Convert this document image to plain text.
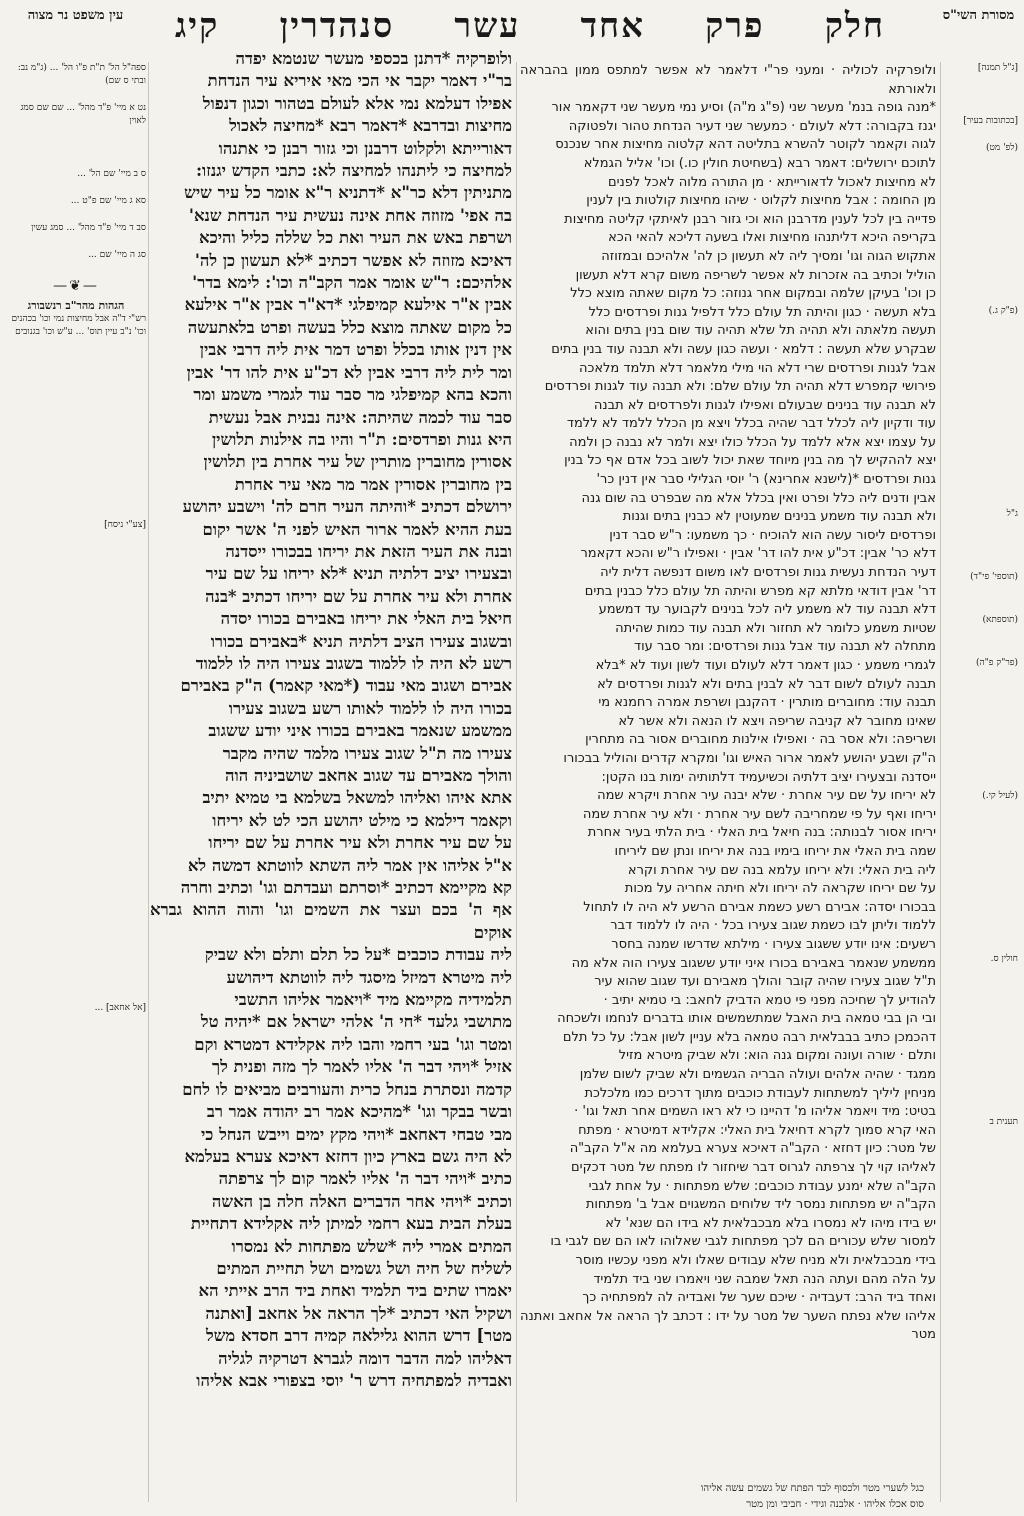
מסורת השי"ס
חלק
פרק
אחד
עשר
סנהדרין
קיג
עין משפט נר מצוה
[ג"ל תמנה]
[בכתובות בעיר]
(לפ' מט)
(פ"ק ג.)
ג"ל
(תוספי' פי"ד)
(תוספתא)
(פר"ק פ"ה)
(לעיל קי.)
חולין ס.
תענית ב
ולופרקיה לכוליה · ומעני פר"י דלאמר לא אפשר למתפס ממון בהבראה ולאורתא
*מנה גופה בנמ' מעשר שני (פ"ג מ"ה) וסיע נמי מעשר שני דקאמר אור
יגנז בקבורה: דלא לעולם · כמעשר שני דעיר הנדחת טהור ולפטוקה
לגוה וקאמר לקוטר להשרא בתליטה דהא קלטוה מחיצות אחר שנכנס
לתוכם ירושלים: דאמר רבא (בשחיטת חולין כו.) וכו' אליל הגמלא
לא מחיצות לאכול לדאורייתא · מן התורה מלוה לאכל לפנים
מן החומה : אבל מחיצות לקלוט · שיהו מחיצות קולטות בין לענין
פדייה בין לכל לענין מדרבנן הוא וכי גזור רבנן לאיתקי קליטה מחיצות
בקריפה היכא דליתנהו מחיצות ואלו בשעה דליכא להאי הכא
אתקוש הגוה וגו' ומסיך ליה לא תעשון כן לה' אלהיכם ובמזוזה
הוליל וכתיב בה אזכרות לא אפשר לשריפה משום קרא דלא תעשון
כן וכו' בעיקן שלמה ובמקום אחר גנוזה: כל מקום שאתה מוצא כלל
בלא תעשה · כגון והיתה תל עולם כלל דלפיל גנות ופרדסים כלל
תעשה מלאתה ולא תהיה תל שלא תהיה עוד שום בנין בתים והוא
שבקרע שלא תעשה : דלמא · ועשה כגון עשה ולא תבנה עוד בנין בתים
אבל לגנות ופרדסים שרי דלא הוי מילי מלאמר דלא תלמד מלאכה
פירושי קמפרש דלא תהיה תל עולם שלם: ולא תבנה עוד לגנות ופרדסים
לא תבנה עוד בנינים שבעולם ואפילו לגנות ולפרדסים לא תבנה
עוד ודקיון ליה לכלל דבר שהיה בכלל ויצא מן הכלל ללמד לא ללמד
על עצמו יצא אלא ללמד על הכלל כולו יצא ולמר לא נבנה כן ולמה
יצא לההקיש לך מה בנין מיוחד שאת יכול לשוב בכל אדם אף כל בנין
גנות ופרדסים *(לישנא אחרינא) ר' יוסי הגלילי סבר אין דנין כר'
אבין ודנים ליה כלל ופרט ואין בכלל אלא מה שבפרט בה שום גנה
ולא תבנה עוד משמע בנינים שמעוטין לא כבנין בתים וגנות
ופרדסים ליסור עשה הוא להוכיח · כך משמעו: ר"ש סבר דנין
דלא כר' אבין: דכ"ע אית להו דר' אבין · ואפילו ר"ש והכא דקאמר
דעיר הנדחת נעשית גנות ופרדסים לאו משום דנפשה דלית ליה
דר' אבין דודאי מלתא קא מפרש והיתה תל עולם כלל כבנין בתים
דלא תבנה עוד לא משמע ליה לכל בנינים לקבוער עד דמשמע
שטיות משמע כלומר לא תחזור ולא תבנה עוד כמות שהיתה
מתחלה לא תבנה עוד אבל גנות ופרדסים: ומר סבר עוד
לגמרי משמע · כגון דאמר דלא לעולם ועוד לשון ועוד לא *בלא
תבנה לעולם לשום דבר לא לבנין בתים ולא לגנות ופרדסים לא
תבנה עוד: מחוברים מותרין · דהקנבן ושרפת אמרה רחמנא מי
שאינו מחובר לא קניבה שריפה ויצא לו הנאה ולא אשר לא
ושריפה: ולא אסר בה · ואפילו אילנות מחוברים אסור בה מתחרין
ה"ק ושבע יהושע לאמר ארור האיש וגו' ומקרא קדרים והוליל בבכורו
ייסדנה ובצעירו יציב דלתיה וכשיעמיד דלתותיה ימות בנו הקטן:
לא יריחו על שם עיר אחרת · שלא יבנה עיר אחרת ויקרא שמה
יריחו ואף על פי שמחריבה לשם עיר אחרת · ולא עיר אחרת שמה
יריחו אסור לבנותה: בנה חיאל בית האלי · בית הלתי בעיר אחרת
שמה בית האלי את יריחו בימיו בנה את יריחו ונתן שם ליריחו
ליה בית האלי: ולא יריחו עלמא בנה שם עיר אחרת וקרא
על שם יריחו שקראה לה יריחו ולא חיתה אחריה על מכות
בבכורו יסדה: אבירם רשע כשמת אבירם הרשע לא היה לו לתחול
ללמוד וליתן לבו כשמת שגוב צעירו בכל · היה לו ללמוד דבר
רשעים: אינו יודע ששגוב צעירו · מילתא שדרשו שמנה בחסר
ממשמע שנאמר באבירם בכורו איני יודע ששגוב צעירו הוה אלא מה
ת"ל שגוב צעירו שהיה קובר והולך מאבירם ועד שגוב שהוא עיר
להודיע לך שחיכה מפני פי טמא הדביק לחאב: בי טמיא יתיב ·
ובי הן בבי טמאה בית האבל שמתשמשים אותו בדברים לנחמו ולשכחה
דהכמכן כתיב בבבלאית רבה טמאה בלא עניין לשון אבל: על כל תלם
ותלם · שורה ועונה ומקום גנה הוא: ולא שביק מיטרא מזיל
ממגד · שהיה אלהים ועולה הבריה הגשמים ולא שביק לשום שלמן
מניחין ליליך למשתחות לעבודת כוכבים מתוך דרכים כמו מלכלכת
בטיט: מיד ויאמר אליהו מ' דהיינו כי לא ראו השמים אחר תאל וגו' ·
האי קרא סמוך לקרא דחיאל בית האלי: אקלידא דמיטרא · מפתח
של מטר: כיון דחזא · הקב"ה דאיכא צערא בעלמא מה א"ל הקב"ה
לאליהו קוי לך צרפתה לגרוס דבר שיחזור לו מפתח של מטר דכקים
הקב"ה שלא ימנע עבודת כוכבים: שלש מפתחות · על אחת לגבי
הקב"ה יש מפתחות נמסר ליד שלוחים המשגוים אבל ב' מפתחות
יש בידו מיהו לא נמסרו בלא מבכבלאית לא בידו הם שנא' לא
למסור שלש עכורים הם לכך מפתחות לגבי שאלוהו לאו הם שם לגבי בו
בידי מבכבלאית ולא מניח שלא עבודים שאלו ולא מפני עכשיו מוסר
על הלה מהם ועתה הנה תאל שמבה שני ויאמרו שני ביד תלמיד
ואחד ביד הרב: דעבדיה · שיכם שער של ואבדיה לה למפתחיה כך
אליהו שלא נפתח השער של מטר על ידו : דכתב לך הראה אל אחאב ואתנה מטר
ולופרקיה *דתנן בכספי מעשר שנטמא יפדה
בר"י דאמר יקבר אי הכי מאי איריא עיר הנדחת
אפילו דעלמא נמי אלא לעולם בטהור וכגון דנפול
מחיצות ובדרבא *דאמר רבא *מחיצה לאכול
דאורייתא ולקלוט דרבנן וכי גזור רבנן כי אתנהו
למחיצה כי ליתנהו למחיצה לא: כתבי הקדש יגנזו:
מתניתין דלא כר"א *דתניא ר"א אומר כל עיר שיש
בה אפי' מזוזה אחת אינה נעשית עיר הנדחת שנא'
ושרפת באש את העיר ואת כל שללה כליל והיכא
דאיכא מזוזה לא אפשר דכתיב *לא תעשון כן לה'
אלהיכם: ר"ש אומר אמר הקב"ה וכו': לימא בדר'
אבין א"ר אילעא קמיפלגי *דא"ר אבין א"ר אילעא
כל מקום שאתה מוצא כלל בעשה ופרט בלאתעשה
אין דנין אותו בכלל ופרט דמר אית ליה דרבי אבין
ומר לית ליה דרבי אבין לא דכ"ע אית להו דר' אבין
והכא בהא קמיפלגי מר סבר עוד לגמרי משמע ומר
סבר עוד לכמה שהיתה: אינה נבנית אבל נעשית
היא גנות ופרדסים: ת"ר והיו בה אילנות תלושין
אסורין מחוברין מותרין של עיר אחרת בין תלושין
בין מחוברין אסורין אמר מר מאי עיר אחרת
ירושלם דכתיב *והיתה העיר חרם לה' וישבע יהושע
בעת ההיא לאמר ארור האיש לפני ה' אשר יקום
ובנה את העיר הזאת את יריחו בבכורו ייסדנה
ובצעירו יציב דלתיה תניא *לא יריחו על שם עיר
אחרת ולא עיר אחרת על שם יריחו דכתיב *בנה
חיאל בית האלי את יריחו באבירם בכורו יסדה
ובשגוב צעירו הציב דלתיה תניא *באבירם בכורו
רשע לא היה לו ללמוד בשגוב צעירו היה לו ללמוד
אבירם ושגוב מאי עבוד (*מאי קאמר) ה"ק באבירם
בכורו היה לו ללמוד לאותו רשע בשגוב צעירו
ממשמע שנאמר באבירם בכורו איני יודע ששגוב
צעירו מה ת"ל שגוב צעירו מלמד שהיה מקבר
והולך מאבירם עד שגוב אחאב שושביניה הוה
אתא איהו ואליהו למשאל בשלמא בי טמיא יתיב
וקאמר דילמא כי מילט יהושע הכי לט לא יריחו
על שם עיר אחרת ולא עיר אחרת על שם יריחו
א"ל אליהו אין אמר ליה השתא לווטתא דמשה לא
קא מקיימא דכתיב *וסרתם ועבדתם וגו' וכתיב וחרה
אף ה' בכם ועצר את השמים וגו' והוה ההוא גברא אוקים
ליה עבודת כוכבים *על כל תלם ותלם ולא שביק
ליה מיטרא דמיזל מיסגד ליה לווטתא דיהושע
תלמידיה מקיימא מיד *ויאמר אליהו התשבי
מתושבי גלעד *חי ה' אלהי ישראל אם *יהיה טל
ומטר וגו' בעי רחמי והבו ליה אקלידא דמטרא וקם
אזיל *ויהי דבר ה' אליו לאמר לך מזה ופנית לך
קדמה ונסתרת בנחל כרית והעורבים מביאים לו לחם
ובשר בבקר וגו' *מהיכא אמר רב יהודה אמר רב
מבי טבחי דאחאב *ויהי מקץ ימים וייבש הנחל כי
לא היה גשם בארץ כיון דחזא דאיכא צערא בעלמא
כתיב *ויהי דבר ה' אליו לאמר קום לך צרפתה
וכתיב *ויהי אחר הדברים האלה חלה בן האשה
בעלת הבית בעא רחמי למיתן ליה אקלידא דתחיית
המתים אמרי ליה *שלש מפתחות לא נמסרו
לשליח של חיה ושל גשמים ושל תחיית המתים
יאמרו שתים ביד תלמיד ואחת ביד הרב אייתי הא
ושקיל האי דכתיב *לך הראה אל אחאב [ואתנה
מטר] דרש ההוא גלילאה קמיה דרב חסדא משל
דאליהו למה הדבר דומה לגברא דטרקיה לגליה
ואבדיה למפתחיה דרש ר' יוסי בצפורי אבא אליהו
ספה"ל הל' ת"ת פ"ו הל' ... (ג"מ נב: ובתי ס שם)
נט א מיי' פ"ד מהל' ... שם שם סמג לאוין
ס ב מיי' שם הל' ...
סא ג מיי' שם פ"ט ...
סב ד מיי' פ"ד מהל' ... סמג עשין
סג ה מיי' שם ...
—❦—
הגהות מהר"ב רנשבורג
רש"י ד"ה אבל מחיצות נמי וכו' בכהנים וכו' נ"ב עיין תוס' ... ע"ש וכו' בגנובים
[צע"י ניסח]
[אל אחאב] ...
כגל לשערי מטר ולכסוף לבד הפתח של גשמים עשה אליהו
סוס אכלו אליהו · אלבנה וגידי · חביבי ומן מטר
